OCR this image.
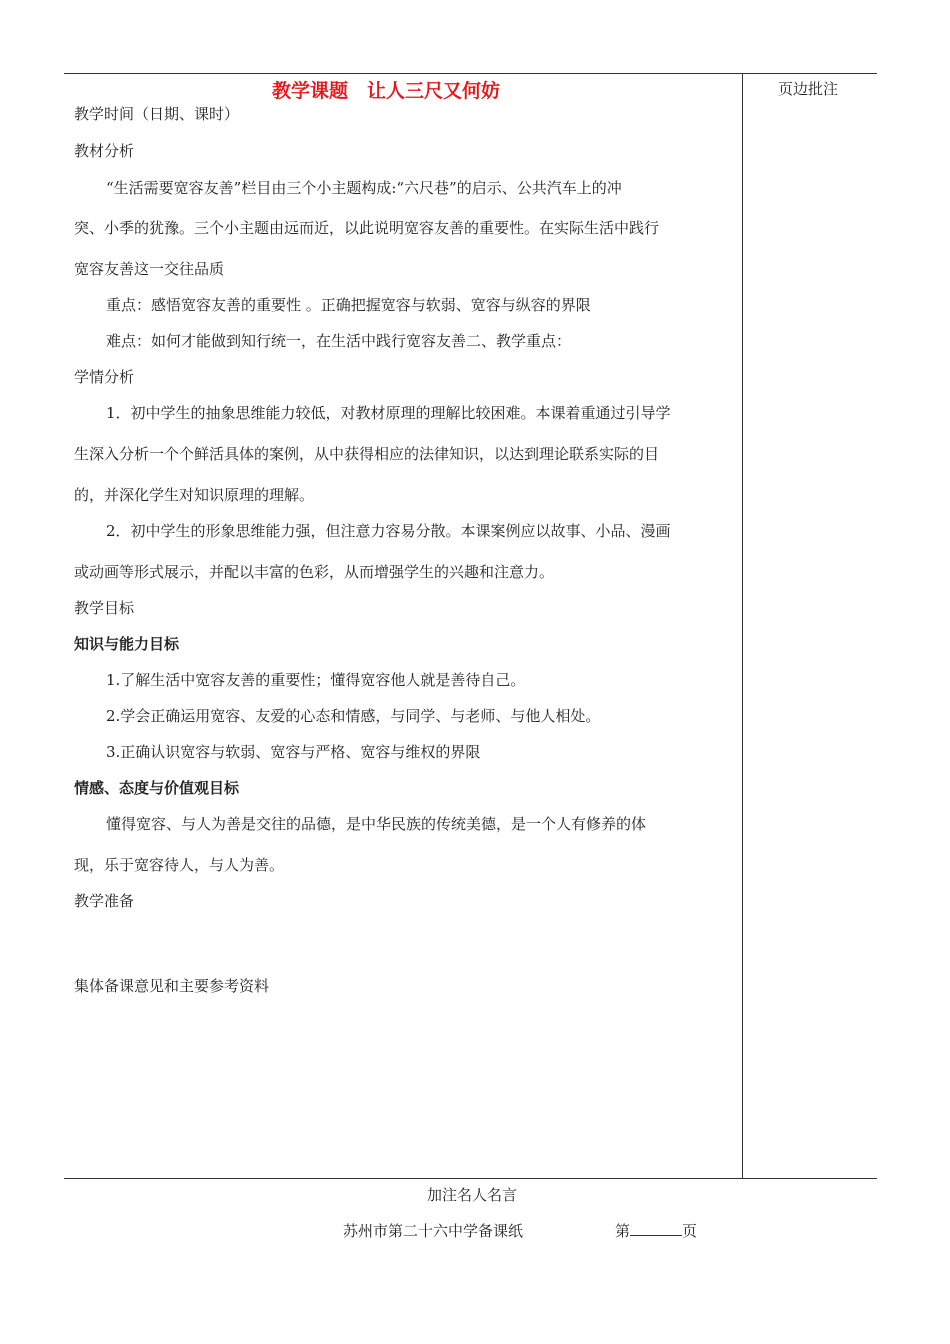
教学课题　让人三尺又何妨	页边批注
教学时间（日期、课时）
教材分析
“生活需要宽容友善”栏目由三个小主题构成:“六尺巷”的启示、公共汽车上的冲
突、小季的犹豫。三个小主题由远而近，以此说明宽容友善的重要性。在实际生活中践行
宽容友善这一交往品质
重点：感悟宽容友善的重要性 。正确把握宽容与软弱、宽容与纵容的界限
难点：如何才能做到知行统一，在生活中践行宽容友善二、教学重点：
学情分析
1．初中学生的抽象思维能力较低，对教材原理的理解比较困难。本课着重通过引导学
生深入分析一个个鲜活具体的案例，从中获得相应的法律知识，以达到理论联系实际的目
的，并深化学生对知识原理的理解。
2．初中学生的形象思维能力强，但注意力容易分散。本课案例应以故事、小品、漫画
或动画等形式展示，并配以丰富的色彩，从而增强学生的兴趣和注意力。
教学目标
知识与能力目标
1.了解生活中宽容友善的重要性；懂得宽容他人就是善待自己。
2.学会正确运用宽容、友爱的心态和情感，与同学、与老师、与他人相处。
3.正确认识宽容与软弱、宽容与严格、宽容与维权的界限
情感、态度与价值观目标
懂得宽容、与人为善是交往的品德，是中华民族的传统美德，是一个人有修养的体
现，乐于宽容待人，与人为善。
教学准备
集体备课意见和主要参考资料
加注名人名言
苏州市第二十六中学备课纸	第	页
